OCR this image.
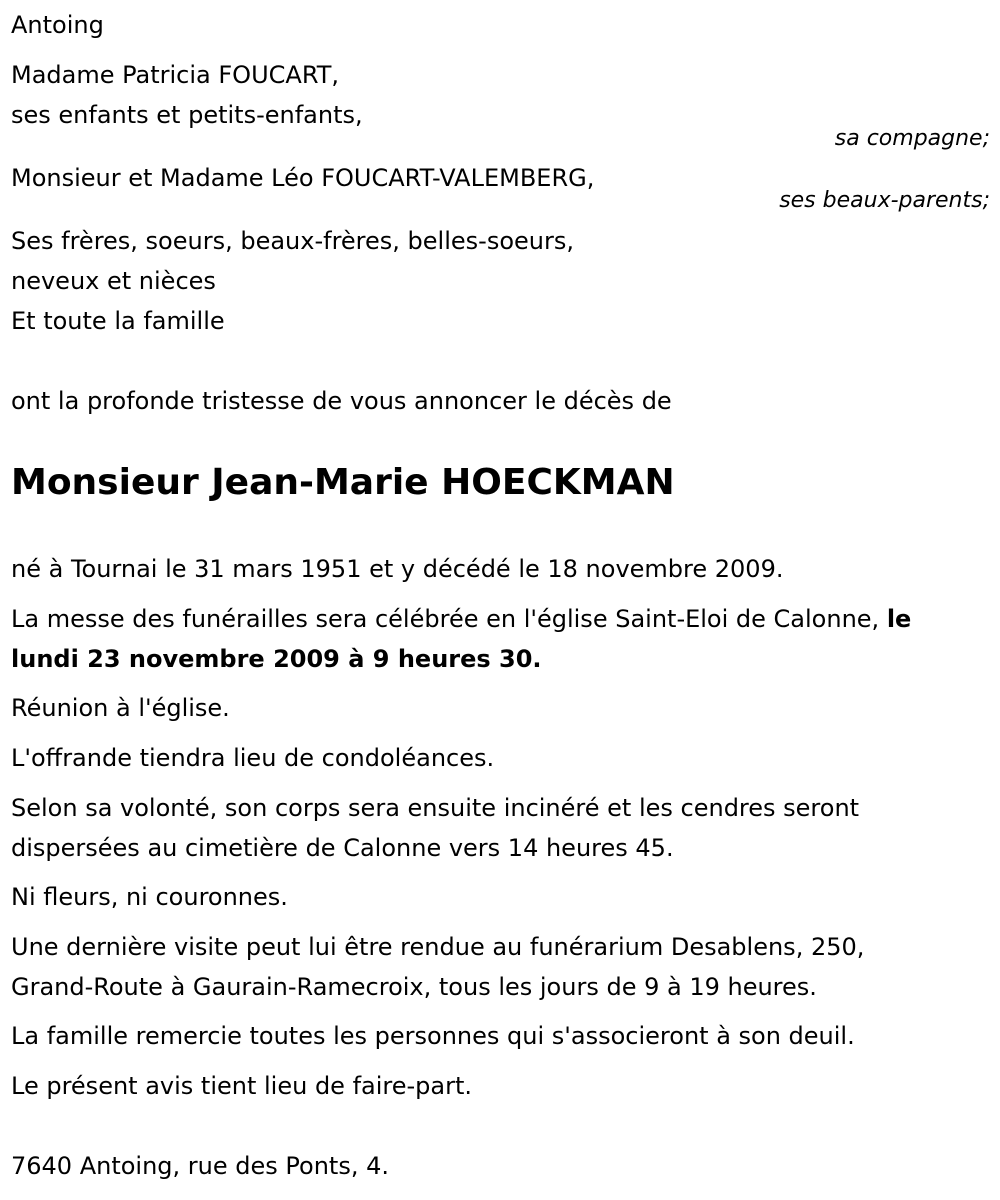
Antoing
Madame Patricia FOUCART,
ses enfants et petits-enfants,
sa compagne;
Monsieur et Madame Léo FOUCART-VALEMBERG,
ses beaux-parents;
Ses frères, soeurs, beaux-frères, belles-soeurs,
neveux et nièces
Et toute la famille
ont la profonde tristesse de vous annoncer le décès de
Monsieur Jean-Marie HOECKMAN
né à Tournai le 31 mars 1951 et y décédé le 18 novembre 2009.
La messe des funérailles sera célébrée en l'église Saint-Eloi de Calonne, le
lundi 23 novembre 2009 à 9 heures 30.
Réunion à l'église.
L'offrande tiendra lieu de condoléances.
Selon sa volonté, son corps sera ensuite incinéré et les cendres seront
dispersées au cimetière de Calonne vers 14 heures 45.
Ni fleurs, ni couronnes.
Une dernière visite peut lui être rendue au funérarium Desablens, 250,
Grand-Route à Gaurain-Ramecroix, tous les jours de 9 à 19 heures.
La famille remercie toutes les personnes qui s'associeront à son deuil.
Le présent avis tient lieu de faire-part.
7640 Antoing, rue des Ponts, 4.
